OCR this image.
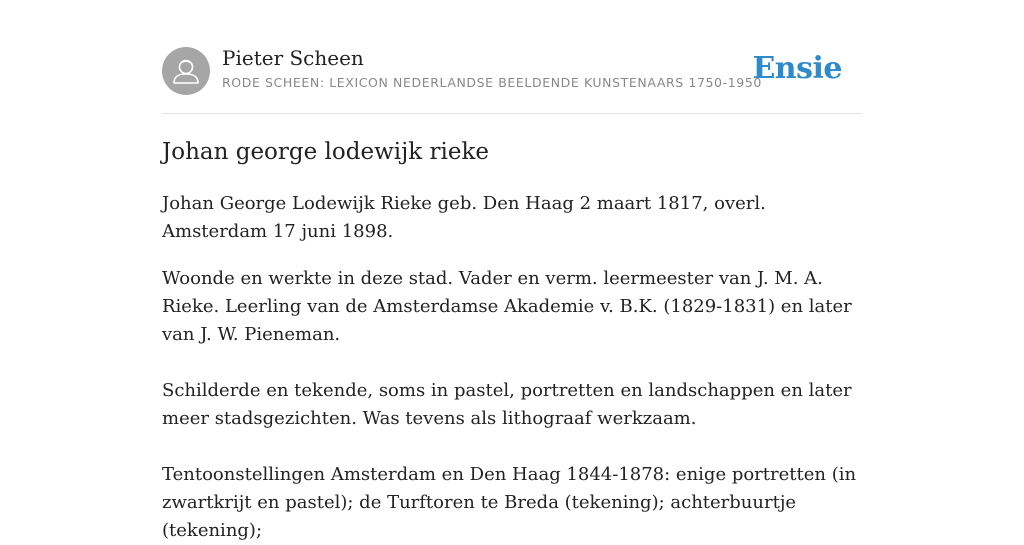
Pieter Scheen
RODE SCHEEN: LEXICON NEDERLANDSE BEELDENDE KUNSTENAARS 1750-1950
Ensie
Johan george lodewijk rieke

Johan George Lodewijk Rieke geb. Den Haag 2 maart 1817, overl. Amsterdam 17 juni 1898.

Woonde en werkte in deze stad. Vader en verm. leermeester van J. M. A. Rieke. Leerling van de Amsterdamse Akademie v. B.K. (1829-1831) en later van J. W. Pieneman.

Schilderde en tekende, soms in pastel, portretten en landschappen en later meer stadsgezichten. Was tevens als lithograaf werkzaam.

Tentoonstellingen Amsterdam en Den Haag 1844-1878: enige portretten (in zwartkrijt en pastel); de Turftoren te Breda (tekening); achterbuurtje (tekening);
